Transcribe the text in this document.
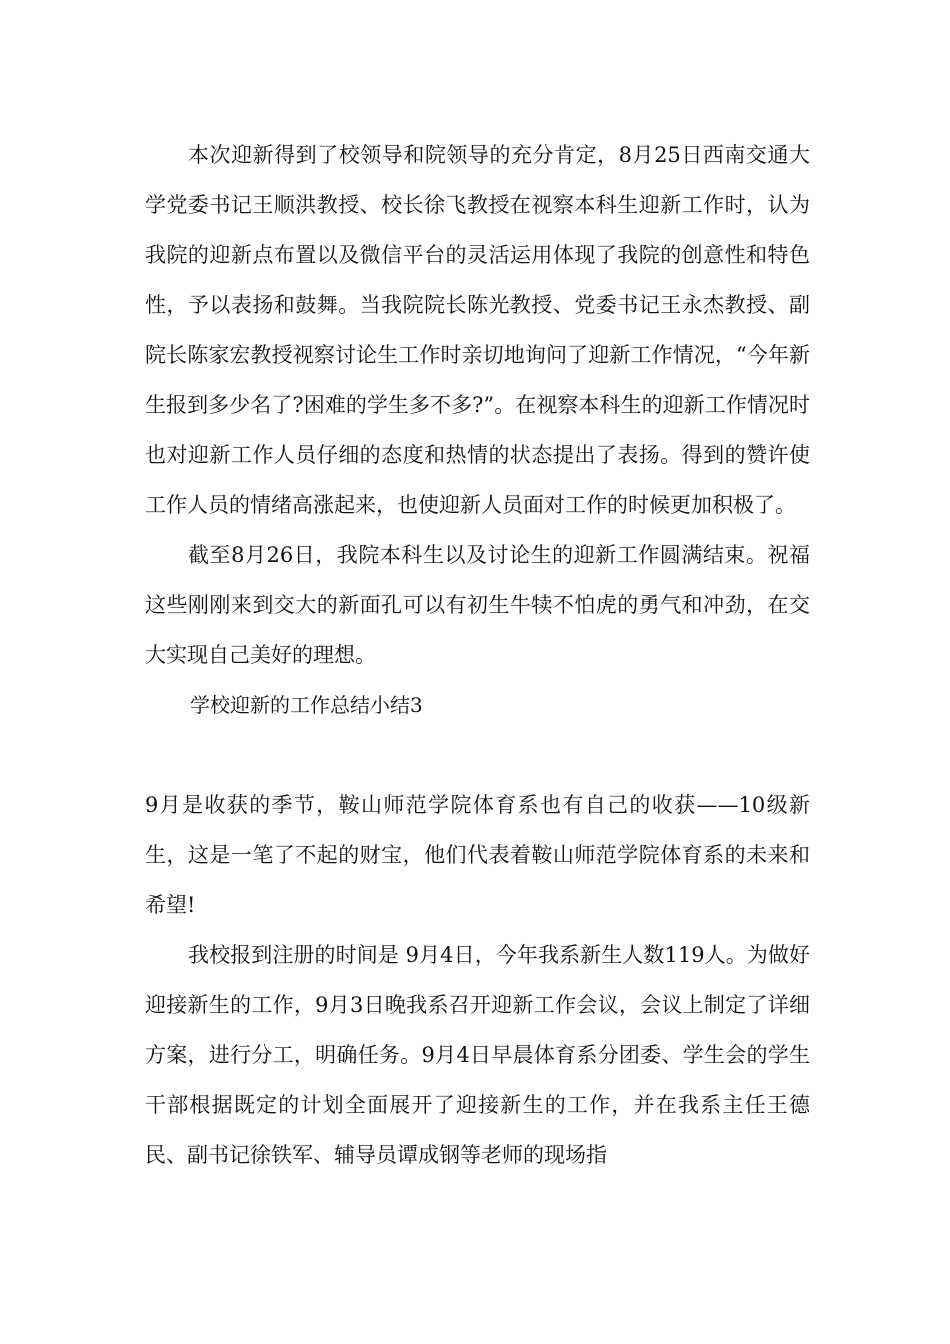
本次迎新得到了校领导和院领导的充分肯定，8月25日西南交通大学党委书记王顺洪教授、校长徐飞教授在视察本科生迎新工作时，认为我院的迎新点布置以及微信平台的灵活运用体现了我院的创意性和特色性，予以表扬和鼓舞。当我院院长陈光教授、党委书记王永杰教授、副院长陈家宏教授视察讨论生工作时亲切地询问了迎新工作情况，“今年新生报到多少名了?困难的学生多不多?”。在视察本科生的迎新工作情况时也对迎新工作人员仔细的态度和热情的状态提出了表扬。得到的赞许使工作人员的情绪高涨起来，也使迎新人员面对工作的时候更加积极了。

截至8月26日，我院本科生以及讨论生的迎新工作圆满结束。祝福这些刚刚来到交大的新面孔可以有初生牛犊不怕虎的勇气和冲劲，在交大实现自己美好的理想。

学校迎新的工作总结小结3

9月是收获的季节，鞍山师范学院体育系也有自己的收获——10级新生，这是一笔了不起的财宝，他们代表着鞍山师范学院体育系的未来和希望!

我校报到注册的时间是 9月4日，今年我系新生人数119人。为做好迎接新生的工作，9月3日晚我系召开迎新工作会议，会议上制定了详细方案，进行分工，明确任务。9月4日早晨体育系分团委、学生会的学生干部根据既定的计划全面展开了迎接新生的工作，并在我系主任王德民、副书记徐铁军、辅导员谭成钢等老师的现场指
